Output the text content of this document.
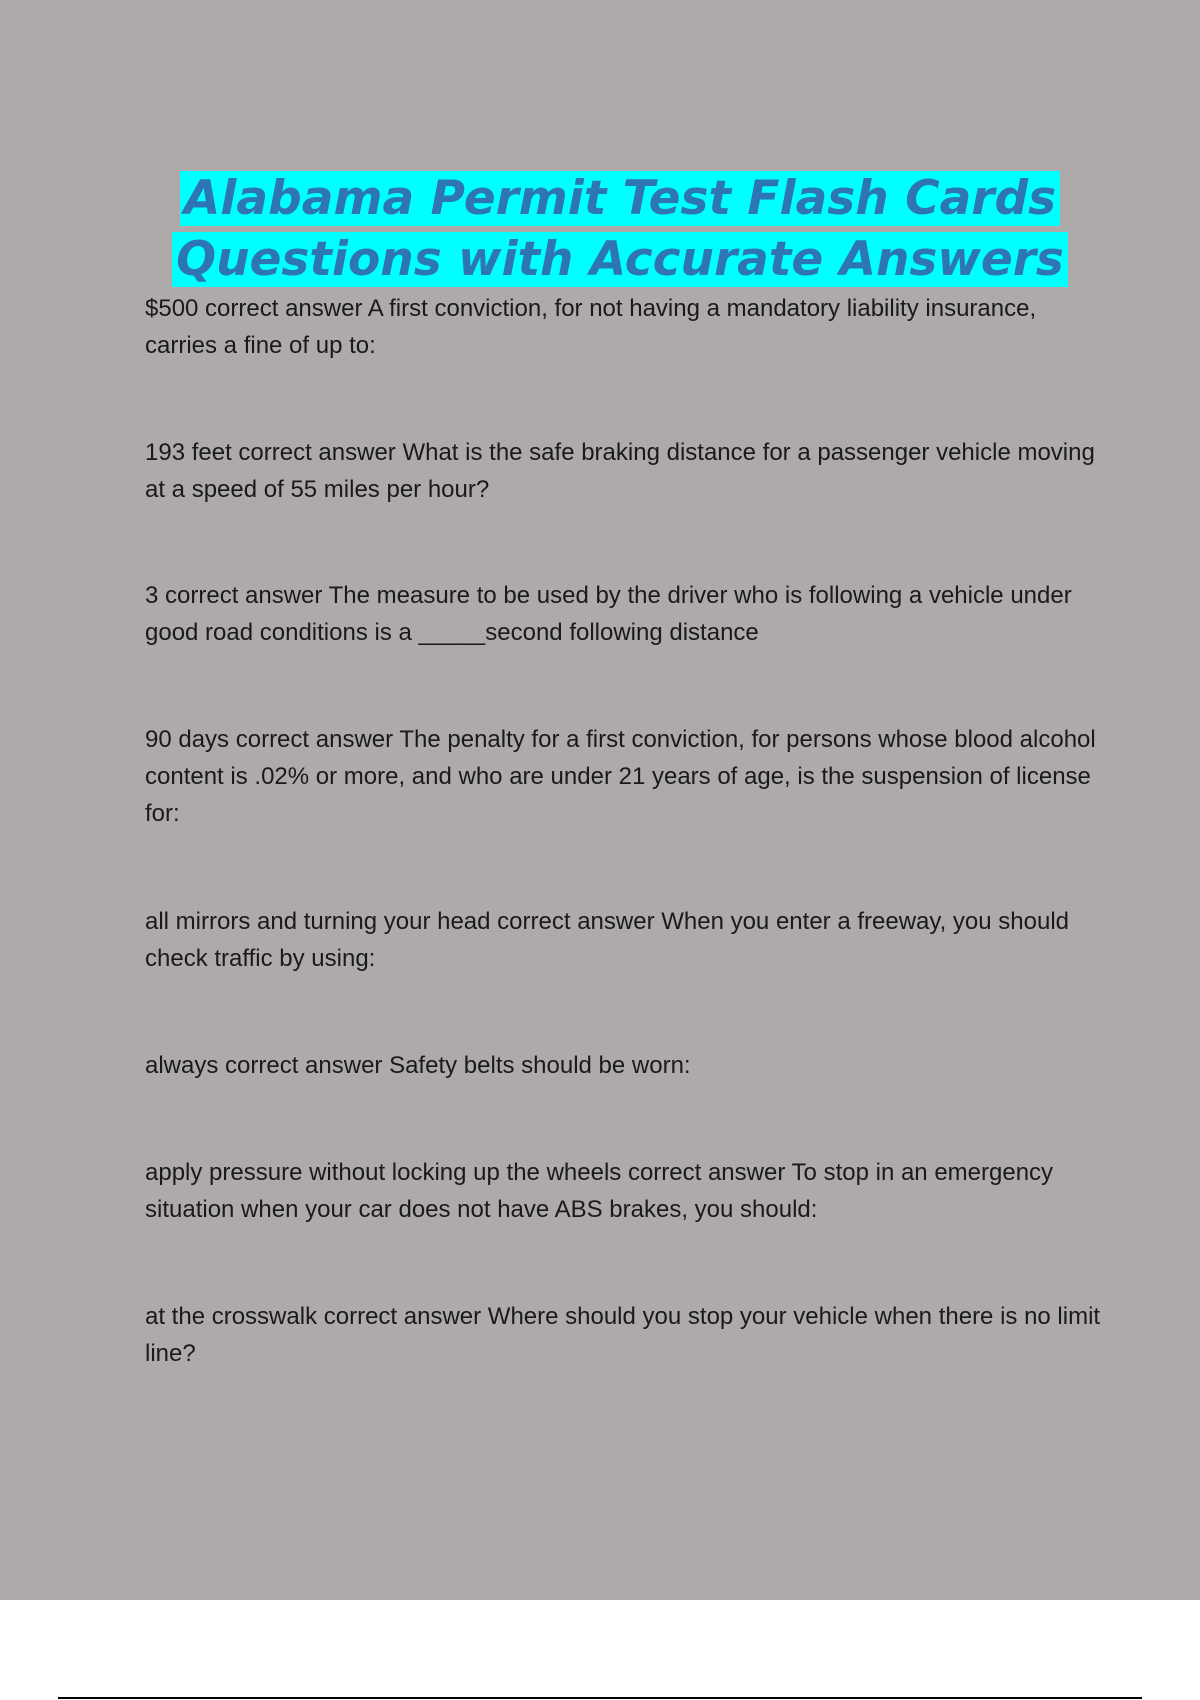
Alabama Permit Test Flash Cards
Questions with Accurate Answers

$500 correct answer A first conviction, for not having a mandatory liability insurance, carries a fine of up to:

193 feet correct answer What is the safe braking distance for a passenger vehicle moving at a speed of 55 miles per hour?

3 correct answer The measure to be used by the driver who is following a vehicle under good road conditions is a _____second following distance

90 days correct answer The penalty for a first conviction, for persons whose blood alcohol content is .02% or more, and who are under 21 years of age, is the suspension of license for:

all mirrors and turning your head correct answer When you enter a freeway, you should check traffic by using:

always correct answer Safety belts should be worn:

apply pressure without locking up the wheels correct answer To stop in an emergency situation when your car does not have ABS brakes, you should:

at the crosswalk correct answer Where should you stop your vehicle when there is no limit line?
